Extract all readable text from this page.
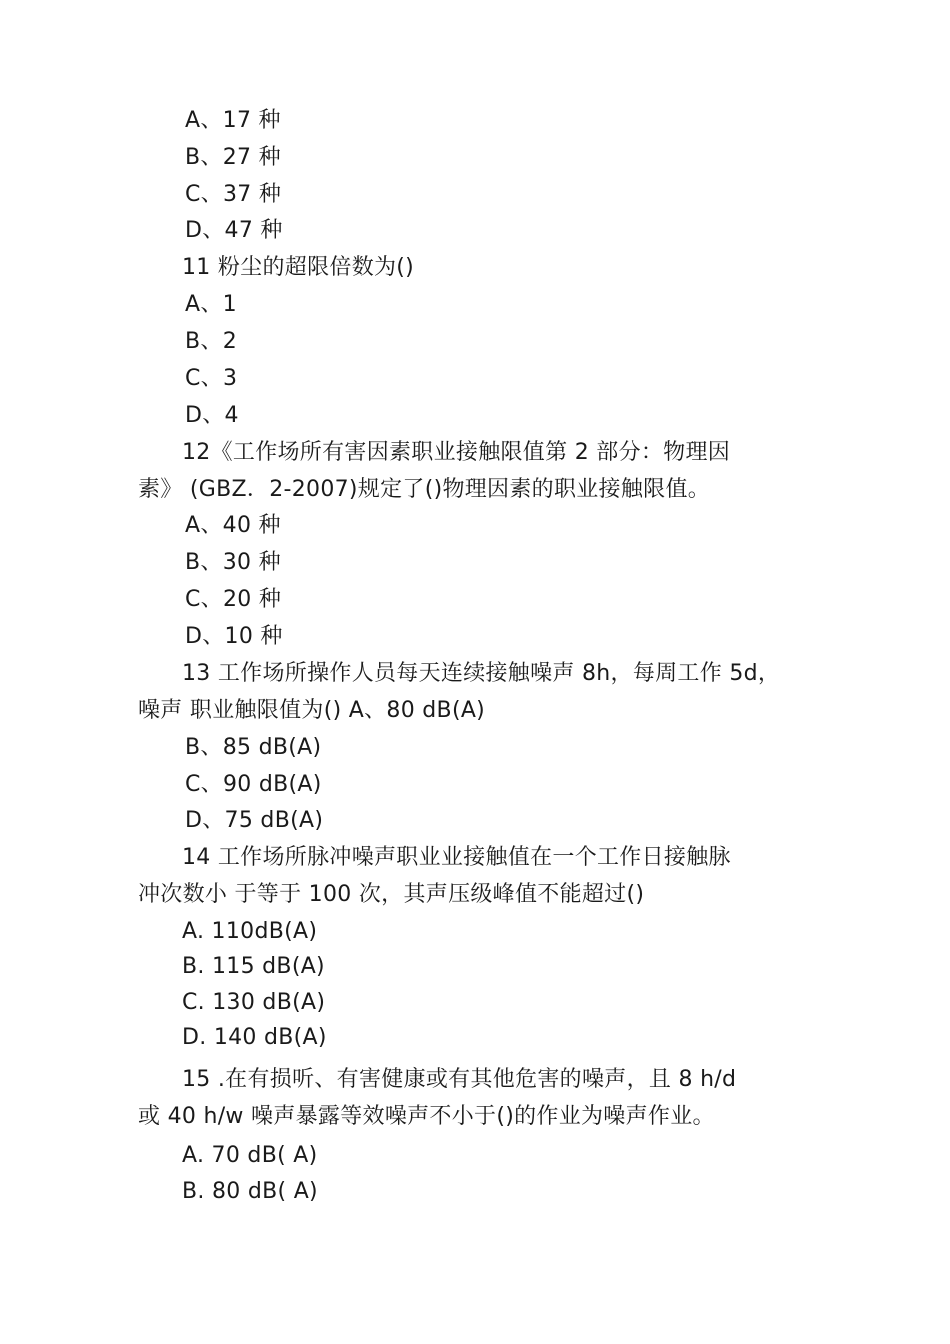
A、17 种
B、27 种
C、37 种
D、47 种
11 粉尘的超限倍数为()
A、1
B、2
C、3
D、4
12《工作场所有害因素职业接触限值第 2 部分：物理因
素》 (GBZ．2-2007)规定了()物理因素的职业接触限值。
A、40 种
B、30 种
C、20 种
D、10 种
13 工作场所操作人员每天连续接触噪声 8h，每周工作 5d，
噪声 职业触限值为() A、80 dB(A)
B、85 dB(A)
C、90 dB(A)
D、75 dB(A)
14 工作场所脉冲噪声职业业接触值在一个工作日接触脉
冲次数小 于等于 100 次，其声压级峰值不能超过()
A. 110dB(A)
B. 115 dB(A)
C. 130 dB(A)
D. 140 dB(A)
15 .在有损听、有害健康或有其他危害的噪声，且 8 h/d
或 40 h/w 噪声暴露等效噪声不小于()的作业为噪声作业。
A. 70 dB( A)
B. 80 dB( A)
